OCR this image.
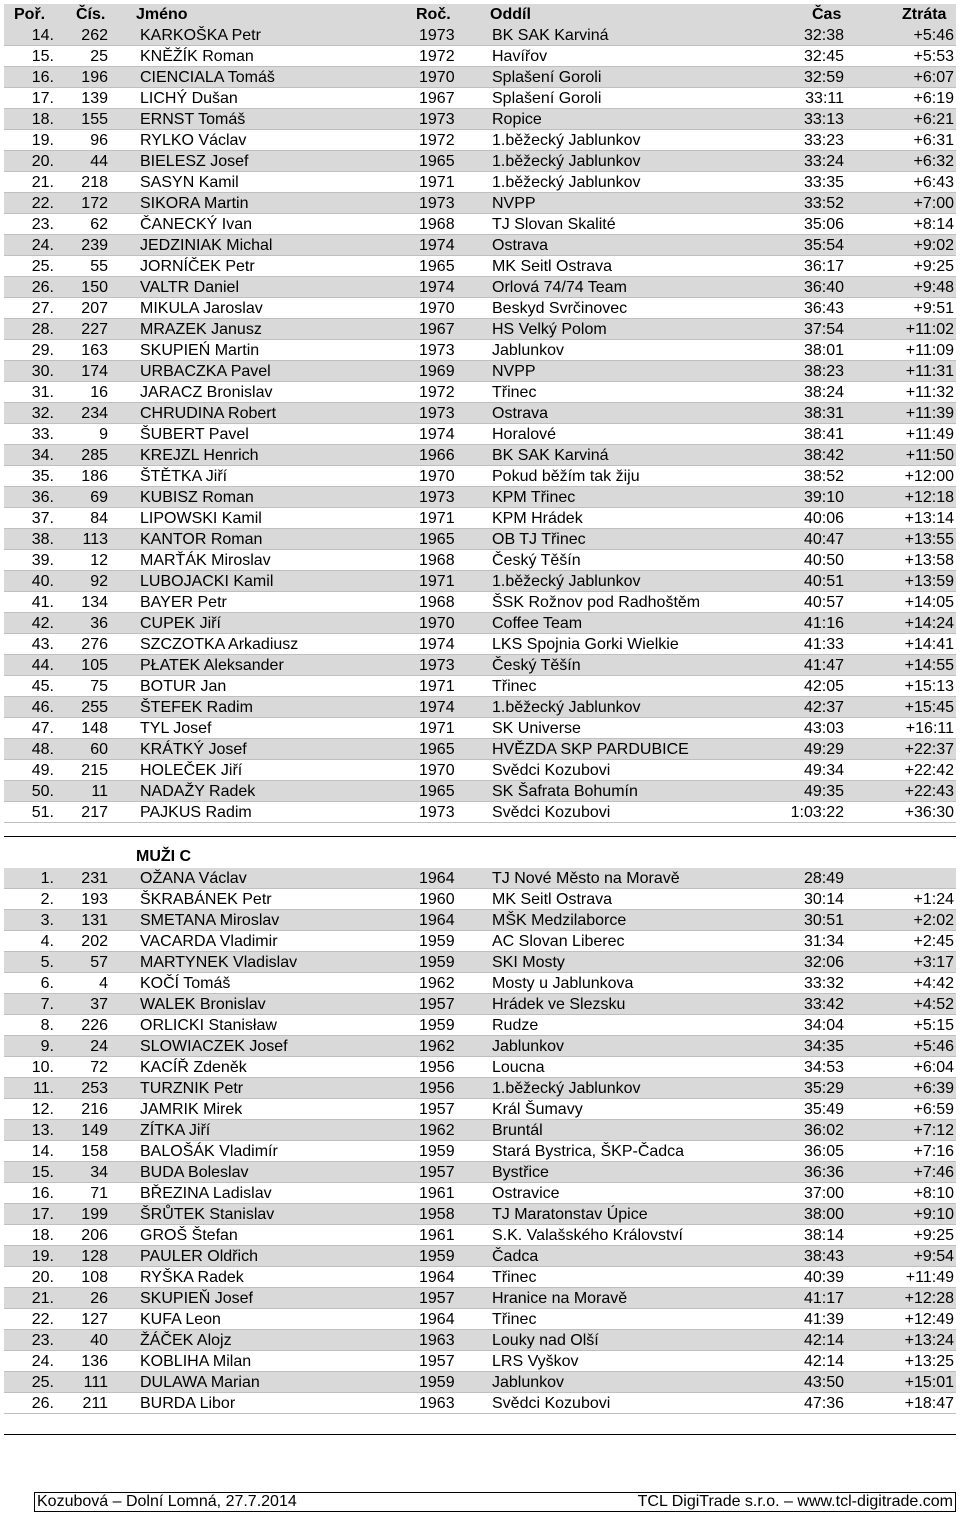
Poř. Čís. Jméno	Roč. Oddíl	Čas	Ztráta
14.	262 KARKOŠKA Petr	1973 BK SAK Karviná	32:38	+5:46
15.	25 KNĚŽÍK Roman	1972 Havířov	32:45	+5:53
16.	196 CIENCIALA Tomáš	1970 Splašení Goroli	32:59	+6:07
17.	139 LICHÝ Dušan	1967 Splašení Goroli	33:11	+6:19
18.	155 ERNST Tomáš	1973 Ropice	33:13	+6:21
19.	96 RYLKO Václav	1972 1.běžecký Jablunkov	33:23	+6:31
20.	44 BIELESZ Josef	1965 1.běžecký Jablunkov	33:24	+6:32
21.	218 SASYN Kamil	1971 1.běžecký Jablunkov	33:35	+6:43
22.	172 SIKORA Martin	1973 NVPP	33:52	+7:00
23.	62 ČANECKÝ Ivan	1968 TJ Slovan Skalité	35:06	+8:14
24.	239 JEDZINIAK Michal	1974 Ostrava	35:54	+9:02
25.	55 JORNÍČEK Petr	1965 MK Seitl Ostrava	36:17	+9:25
26.	150 VALTR Daniel	1974 Orlová 74/74 Team	36:40	+9:48
27.	207 MIKULA Jaroslav	1970 Beskyd Svrčinovec	36:43	+9:51
28.	227 MRAZEK Janusz	1967 HS Velký Polom	37:54	+11:02
29.	163 SKUPIEŃ Martin	1973 Jablunkov	38:01	+11:09
30.	174 URBACZKA Pavel	1969 NVPP	38:23	+11:31
31.	16 JARACZ Bronislav	1972 Třinec	38:24	+11:32
32.	234 CHRUDINA Robert	1973 Ostrava	38:31	+11:39
33.	9 ŠUBERT Pavel	1974 Horalové	38:41	+11:49
34.	285 KREJZL Henrich	1966 BK SAK Karviná	38:42	+11:50
35.	186 ŠTĚTKA Jiří	1970 Pokud běžím tak žiju	38:52	+12:00
36.	69 KUBISZ Roman	1973 KPM Třinec	39:10	+12:18
37.	84 LIPOWSKI Kamil	1971 KPM Hrádek	40:06	+13:14
38.	113 KANTOR Roman	1965 OB TJ Třinec	40:47	+13:55
39.	12 MARŤÁK Miroslav	1968 Český Těšín	40:50	+13:58
40.	92 LUBOJACKI Kamil	1971 1.běžecký Jablunkov	40:51	+13:59
41.	134 BAYER Petr	1968 ŠSK Rožnov pod Radhoštěm	40:57	+14:05
42.	36 CUPEK Jiří	1970 Coffee Team	41:16	+14:24
43.	276 SZCZOTKA Arkadiusz	1974 LKS Spojnia Gorki Wielkie	41:33	+14:41
44.	105 PŁATEK Aleksander	1973 Český Těšín	41:47	+14:55
45.	75 BOTUR Jan	1971 Třinec	42:05	+15:13
46.	255 ŠTEFEK Radim	1974 1.běžecký Jablunkov	42:37	+15:45
47.	148 TYL Josef	1971 SK Universe	43:03	+16:11
48.	60 KRÁTKÝ Josef	1965 HVĚZDA SKP PARDUBICE	49:29	+22:37
49.	215 HOLEČEK Jiří	1970 Svědci Kozubovi	49:34	+22:42
50.	11 NADAŽY Radek	1965 SK Šafrata Bohumín	49:35	+22:43
51.	217 PAJKUS Radim	1973 Svědci Kozubovi	1:03:22	+36:30
MUŽI C
1.	231 OŽANA Václav	1964 TJ Nové Město na Moravě	28:49
2.	193 ŠKRABÁNEK Petr	1960 MK Seitl Ostrava	30:14	+1:24
3.	131 SMETANA Miroslav	1964 MŠK Medzilaborce	30:51	+2:02
4.	202 VACARDA Vladimir	1959 AC Slovan Liberec	31:34	+2:45
5.	57 MARTYNEK Vladislav	1959 SKI Mosty	32:06	+3:17
6.	4 KOČÍ Tomáš	1962 Mosty u Jablunkova	33:32	+4:42
7.	37 WALEK Bronislav	1957 Hrádek ve Slezsku	33:42	+4:52
8.	226 ORLICKI Stanisław	1959 Rudze	34:04	+5:15
9.	24 SLOWIACZEK Josef	1962 Jablunkov	34:35	+5:46
10.	72 KACÍŘ Zdeněk	1956 Loucna	34:53	+6:04
11.	253 TURZNIK Petr	1956 1.běžecký Jablunkov	35:29	+6:39
12.	216 JAMRIK Mirek	1957 Král Šumavy	35:49	+6:59
13.	149 ZÍTKA Jiří	1962 Bruntál	36:02	+7:12
14.	158 BALOŠÁK Vladimír	1959 Stará Bystrica, ŠKP-Čadca	36:05	+7:16
15.	34 BUDA Boleslav	1957 Bystřice	36:36	+7:46
16.	71 BŘEZINA Ladislav	1961 Ostravice	37:00	+8:10
17.	199 ŠRŮTEK Stanislav	1958 TJ Maratonstav Úpice	38:00	+9:10
18.	206 GROŠ Štefan	1961 S.K. Valašského Království	38:14	+9:25
19.	128 PAULER Oldřich	1959 Čadca	38:43	+9:54
20.	108 RYŠKA Radek	1964 Třinec	40:39	+11:49
21.	26 SKUPIEŇ Josef	1957 Hranice na Moravě	41:17	+12:28
22.	127 KUFA Leon	1964 Třinec	41:39	+12:49
23.	40 ŽÁČEK Alojz	1963 Louky nad Olší	42:14	+13:24
24.	136 KOBLIHA Milan	1957 LRS Vyškov	42:14	+13:25
25.	111 DULAWA Marian	1959 Jablunkov	43:50	+15:01
26.	211 BURDA Libor	1963 Svědci Kozubovi	47:36	+18:47
Kozubová – Dolní Lomná, 27.7.2014	TCL DigiTrade s.r.o. – www.tcl-digitrade.com
